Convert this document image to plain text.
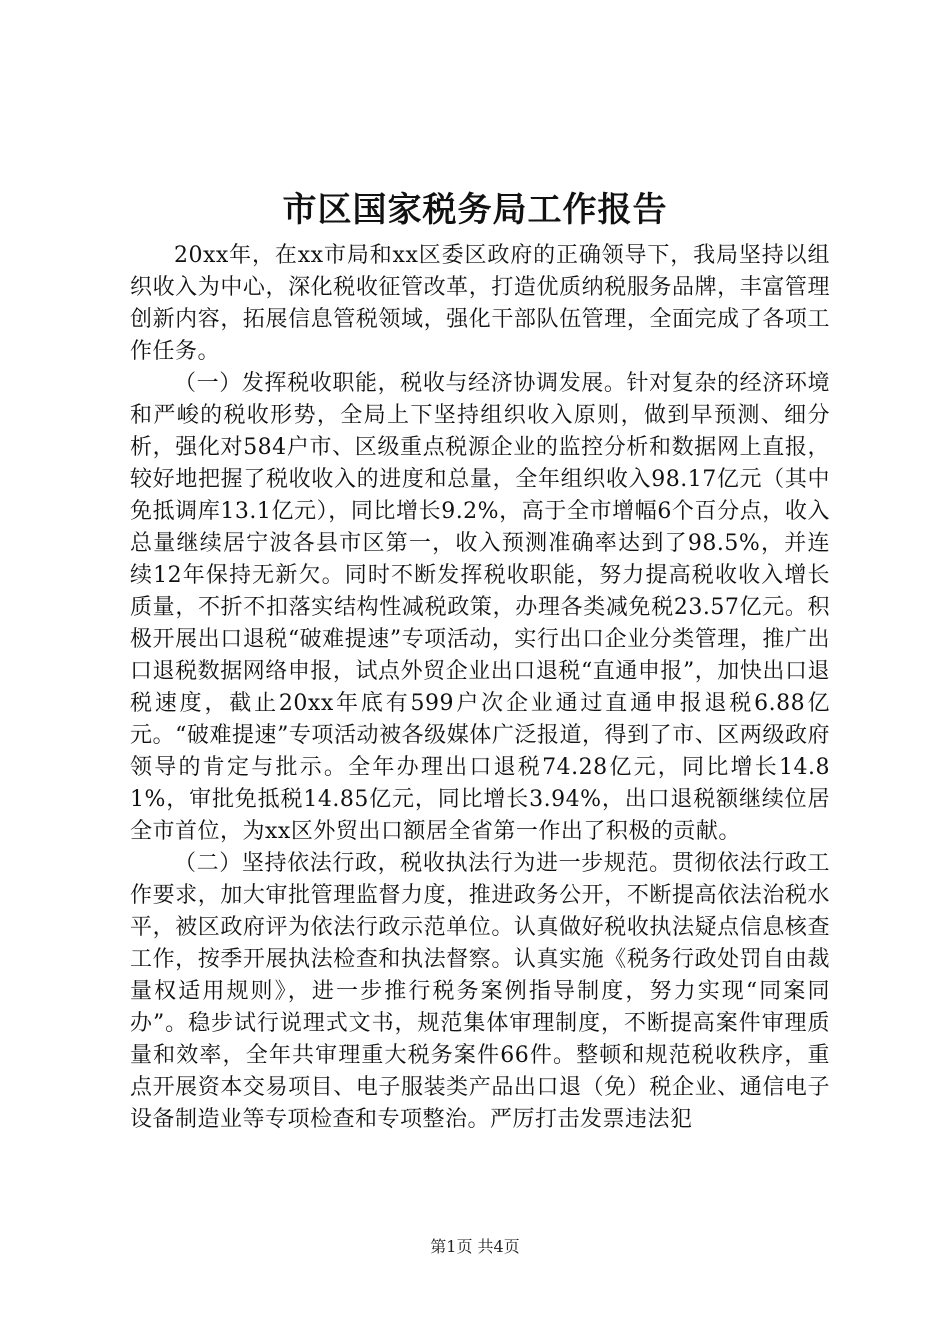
市区国家税务局工作报告

20xx年，在xx市局和xx区委区政府的正确领导下，我局坚持以组织收入为中心，深化税收征管改革，打造优质纳税服务品牌，丰富管理创新内容，拓展信息管税领域，强化干部队伍管理，全面完成了各项工作任务。

（一）发挥税收职能，税收与经济协调发展。针对复杂的经济环境和严峻的税收形势，全局上下坚持组织收入原则，做到早预测、细分析，强化对584户市、区级重点税源企业的监控分析和数据网上直报，较好地把握了税收收入的进度和总量，全年组织收入98.17亿元（其中免抵调库13.1亿元），同比增长9.2%，高于全市增幅6个百分点，收入总量继续居宁波各县市区第一，收入预测准确率达到了98.5%，并连续12年保持无新欠。同时不断发挥税收职能，努力提高税收收入增长质量，不折不扣落实结构性减税政策，办理各类减免税23.57亿元。积极开展出口退税“破难提速”专项活动，实行出口企业分类管理，推广出口退税数据网络申报，试点外贸企业出口退税“直通申报”，加快出口退税速度，截止20xx年底有599户次企业通过直通申报退税6.88亿元。“破难提速”专项活动被各级媒体广泛报道，得到了市、区两级政府领导的肯定与批示。全年办理出口退税74.28亿元，同比增长14.81%，审批免抵税14.85亿元，同比增长3.94%，出口退税额继续位居全市首位，为xx区外贸出口额居全省第一作出了积极的贡献。

（二）坚持依法行政，税收执法行为进一步规范。贯彻依法行政工作要求，加大审批管理监督力度，推进政务公开，不断提高依法治税水平，被区政府评为依法行政示范单位。认真做好税收执法疑点信息核查工作，按季开展执法检查和执法督察。认真实施《税务行政处罚自由裁量权适用规则》，进一步推行税务案例指导制度，努力实现“同案同办”。稳步试行说理式文书，规范集体审理制度，不断提高案件审理质量和效率，全年共审理重大税务案件66件。整顿和规范税收秩序，重点开展资本交易项目、电子服装类产品出口退（免）税企业、通信电子设备制造业等专项检查和专项整治。严厉打击发票违法犯

第1页 共4页
